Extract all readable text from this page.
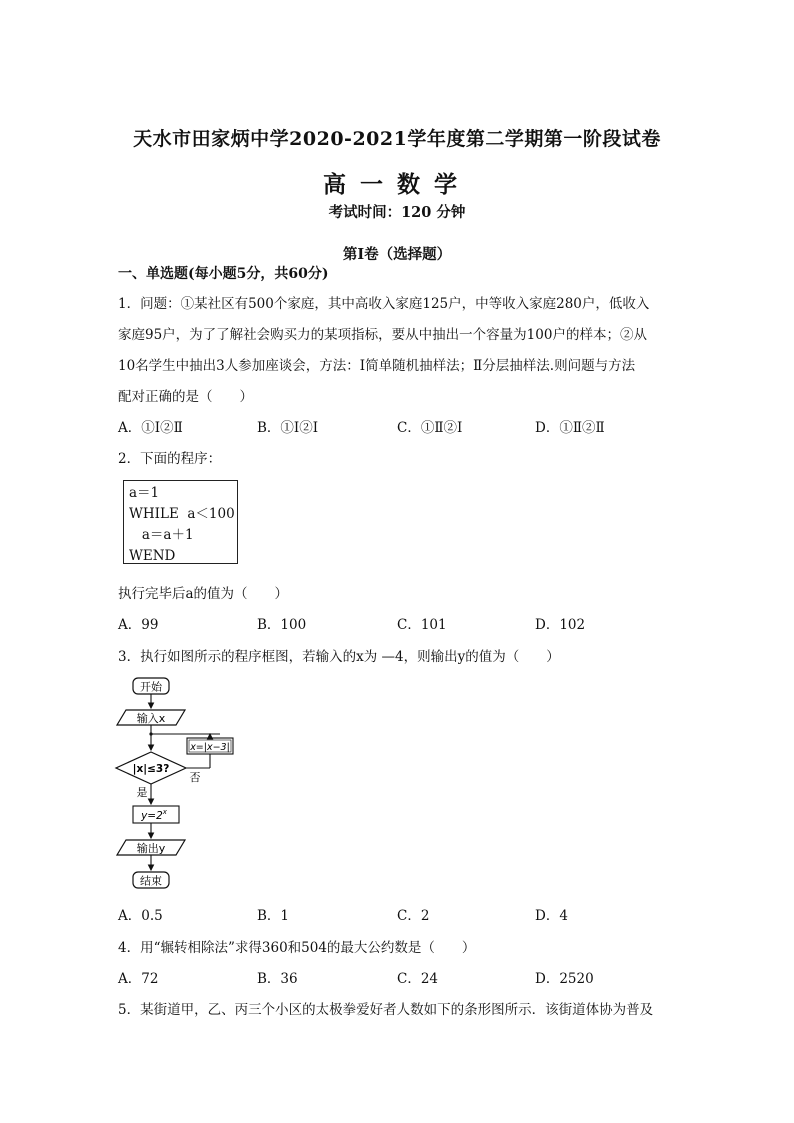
天水市田家炳中学2020-2021学年度第二学期第一阶段试卷
高一数学
考试时间：120 分钟
第I卷（选择题）
一、单选题(每小题5分，共60分)
1．问题：①某社区有500个家庭，其中高收入家庭125户，中等收入家庭280户，低收入
家庭95户，为了了解社会购买力的某项指标，要从中抽出一个容量为100户的样本；②从
10名学生中抽出3人参加座谈会，方法：Ⅰ简单随机抽样法；Ⅱ分层抽样法.则问题与方法
配对正确的是（　　）
A．①Ⅰ②Ⅱ	B．①Ⅰ②Ⅰ	C．①Ⅱ②Ⅰ	D．①Ⅱ②Ⅱ
2．下面的程序：
a＝1
WHILE  a＜100
a＝a＋1
WEND
执行完毕后a的值为（　　）
A．99	B．100	C．101	D．102
3．执行如图所示的程序框图，若输入的x为 —4，则输出y的值为（　　）
开始
输入x
x=|x−3|
|x|≤3?
否
是
$y=2^x$
输出y
结束
A．0.5	B．1	C．2	D．4
4．用“辗转相除法”求得360和504的最大公约数是（　　）
A．72	B．36	C．24	D．2520
5．某街道甲，乙、丙三个小区的太极拳爱好者人数如下的条形图所示．该街道体协为普及
